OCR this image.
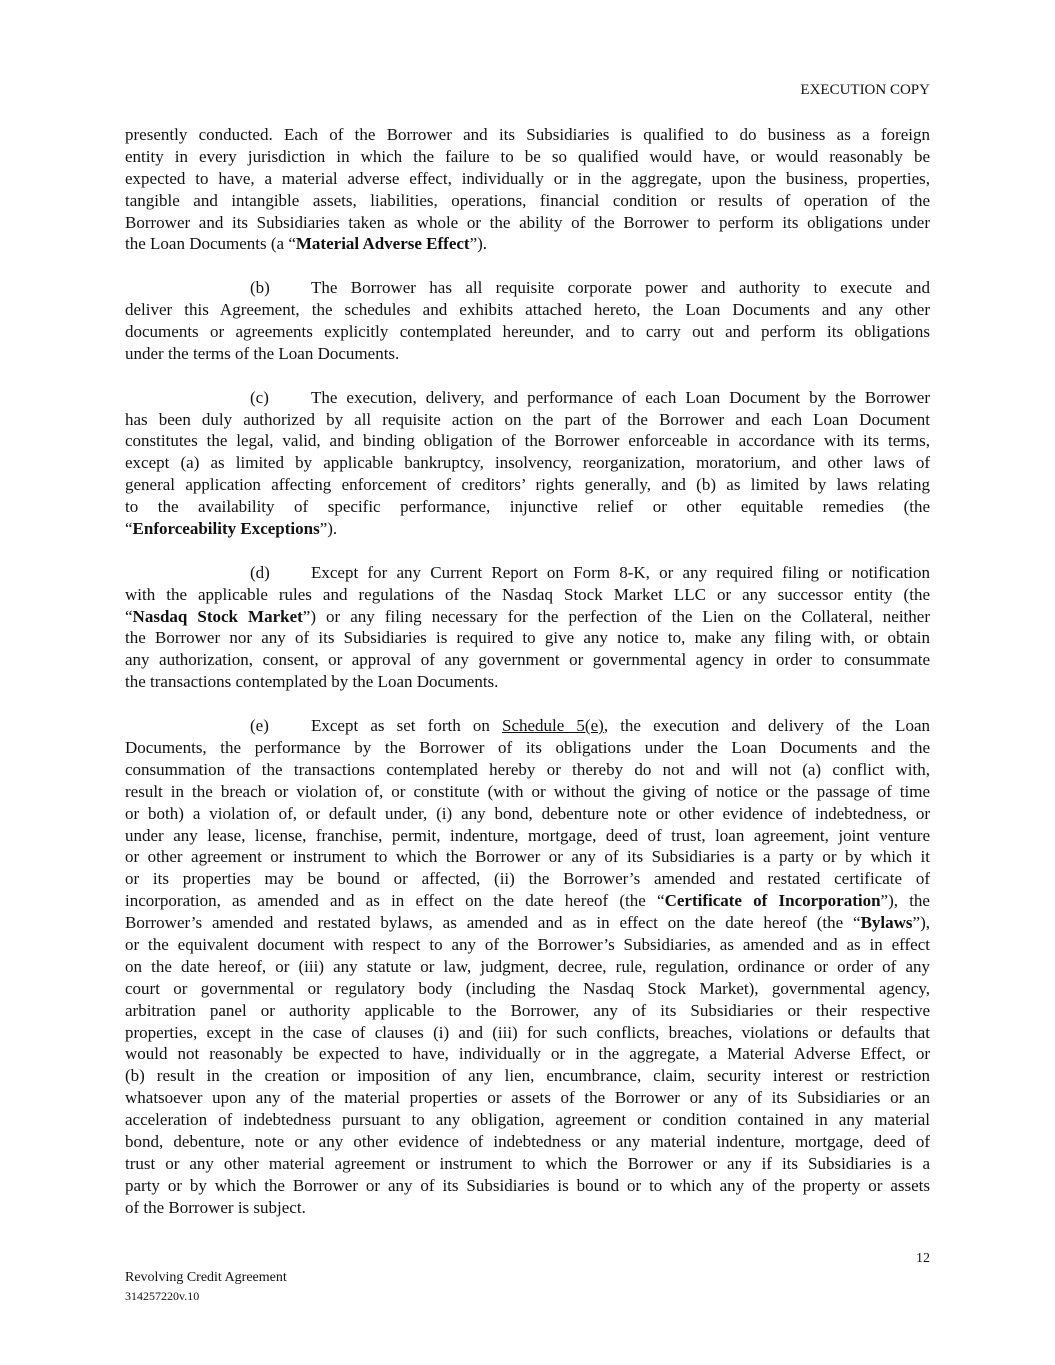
EXECUTION COPY
presently conducted. Each of the Borrower and its Subsidiaries is qualified to do business as a foreign
entity in every jurisdiction in which the failure to be so qualified would have, or would reasonably be
expected to have, a material adverse effect, individually or in the aggregate, upon the business, properties,
tangible and intangible assets, liabilities, operations, financial condition or results of operation of the
Borrower and its Subsidiaries taken as whole or the ability of the Borrower to perform its obligations under
the Loan Documents (a “Material Adverse Effect”).
(b) The Borrower has all requisite corporate power and authority to execute and
deliver this Agreement, the schedules and exhibits attached hereto, the Loan Documents and any other
documents or agreements explicitly contemplated hereunder, and to carry out and perform its obligations
under the terms of the Loan Documents.
(c) The execution, delivery, and performance of each Loan Document by the Borrower
has been duly authorized by all requisite action on the part of the Borrower and each Loan Document
constitutes the legal, valid, and binding obligation of the Borrower enforceable in accordance with its terms,
except (a) as limited by applicable bankruptcy, insolvency, reorganization, moratorium, and other laws of
general application affecting enforcement of creditors’ rights generally, and (b) as limited by laws relating
to the availability of specific performance, injunctive relief or other equitable remedies (the
“Enforceability Exceptions”).
(d) Except for any Current Report on Form 8-K, or any required filing or notification
with the applicable rules and regulations of the Nasdaq Stock Market LLC or any successor entity (the
“Nasdaq Stock Market”) or any filing necessary for the perfection of the Lien on the Collateral, neither
the Borrower nor any of its Subsidiaries is required to give any notice to, make any filing with, or obtain
any authorization, consent, or approval of any government or governmental agency in order to consummate
the transactions contemplated by the Loan Documents.
(e) Except as set forth on Schedule 5(e), the execution and delivery of the Loan
Documents, the performance by the Borrower of its obligations under the Loan Documents and the
consummation of the transactions contemplated hereby or thereby do not and will not (a) conflict with,
result in the breach or violation of, or constitute (with or without the giving of notice or the passage of time
or both) a violation of, or default under, (i) any bond, debenture note or other evidence of indebtedness, or
under any lease, license, franchise, permit, indenture, mortgage, deed of trust, loan agreement, joint venture
or other agreement or instrument to which the Borrower or any of its Subsidiaries is a party or by which it
or its properties may be bound or affected, (ii) the Borrower’s amended and restated certificate of
incorporation, as amended and as in effect on the date hereof (the “Certificate of Incorporation”), the
Borrower’s amended and restated bylaws, as amended and as in effect on the date hereof (the “Bylaws”),
or the equivalent document with respect to any of the Borrower’s Subsidiaries, as amended and as in effect
on the date hereof, or (iii) any statute or law, judgment, decree, rule, regulation, ordinance or order of any
court or governmental or regulatory body (including the Nasdaq Stock Market), governmental agency,
arbitration panel or authority applicable to the Borrower, any of its Subsidiaries or their respective
properties, except in the case of clauses (i) and (iii) for such conflicts, breaches, violations or defaults that
would not reasonably be expected to have, individually or in the aggregate, a Material Adverse Effect, or
(b) result in the creation or imposition of any lien, encumbrance, claim, security interest or restriction
whatsoever upon any of the material properties or assets of the Borrower or any of its Subsidiaries or an
acceleration of indebtedness pursuant to any obligation, agreement or condition contained in any material
bond, debenture, note or any other evidence of indebtedness or any material indenture, mortgage, deed of
trust or any other material agreement or instrument to which the Borrower or any if its Subsidiaries is a
party or by which the Borrower or any of its Subsidiaries is bound or to which any of the property or assets
of the Borrower is subject.
12
Revolving Credit Agreement
314257220v.10
